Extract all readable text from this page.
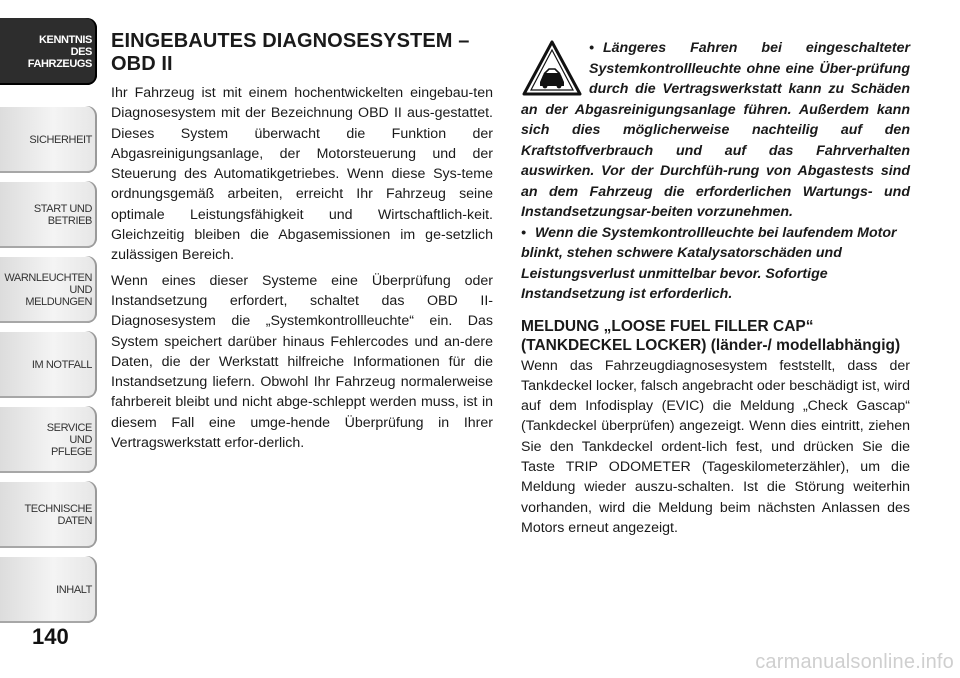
KENNTNIS
DES
FAHRZEUGS
SICHERHEIT
START UND
BETRIEB
WARNLEUCHTEN
UND
MELDUNGEN
IM NOTFALL
SERVICE
UND
PFLEGE
TECHNISCHE
DATEN
INHALT
140
EINGEBAUTES DIAGNOSESYSTEM – OBD II

Ihr Fahrzeug ist mit einem hochentwickelten eingebau-ten Diagnosesystem mit der Bezeichnung OBD II aus-gestattet. Dieses System überwacht die Funktion der Abgasreinigungsanlage, der Motorsteuerung und der Steuerung des Automatikgetriebes. Wenn diese Sys-teme ordnungsgemäß arbeiten, erreicht Ihr Fahrzeug seine optimale Leistungsfähigkeit und Wirtschaftlich-keit. Gleichzeitig bleiben die Abgasemissionen im ge-setzlich zulässigen Bereich.

Wenn eines dieser Systeme eine Überprüfung oder Instandsetzung erfordert, schaltet das OBD II-Diagnosesystem die „Systemkontrollleuchte“ ein. Das System speichert darüber hinaus Fehlercodes und an-dere Daten, die der Werkstatt hilfreiche Informationen für die Instandsetzung liefern. Obwohl Ihr Fahrzeug normalerweise fahrbereit bleibt und nicht abge-schleppt werden muss, ist in diesem Fall eine umge-hende Überprüfung in Ihrer Vertragswerkstatt erfor-derlich.

• Längeres Fahren bei eingeschalteter Systemkontrollleuchte ohne eine Über-prüfung durch die Vertragswerkstatt kann zu Schäden an der Abgasreinigungsanlage führen. Außerdem kann sich dies möglicherweise nachteilig auf den Kraftstoffverbrauch und auf das Fahrverhalten auswirken. Vor der Durchfüh-rung von Abgastests sind an dem Fahrzeug die erforderlichen Wartungs- und Instandsetzungsar-beiten vorzunehmen.

• Wenn die Systemkontrollleuchte bei laufendem Motor blinkt, stehen schwere Katalysatorschäden und Leistungsverlust unmittelbar bevor. Sofortige Instandsetzung ist erforderlich.

MELDUNG „LOOSE FUEL FILLER CAP“ (TANKDECKEL LOCKER) (länder-/ modellabhängig)

Wenn das Fahrzeugdiagnosesystem feststellt, dass der Tankdeckel locker, falsch angebracht oder beschädigt ist, wird auf dem Infodisplay (EVIC) die Meldung „Check Gascap“ (Tankdeckel überprüfen) angezeigt. Wenn dies eintritt, ziehen Sie den Tankdeckel ordent-lich fest, und drücken Sie die Taste TRIP ODOMETER (Tageskilometerzähler), um die Meldung wieder auszu-schalten. Ist die Störung weiterhin vorhanden, wird die Meldung beim nächsten Anlassen des Motors erneut angezeigt.

carmanualsonline.info
